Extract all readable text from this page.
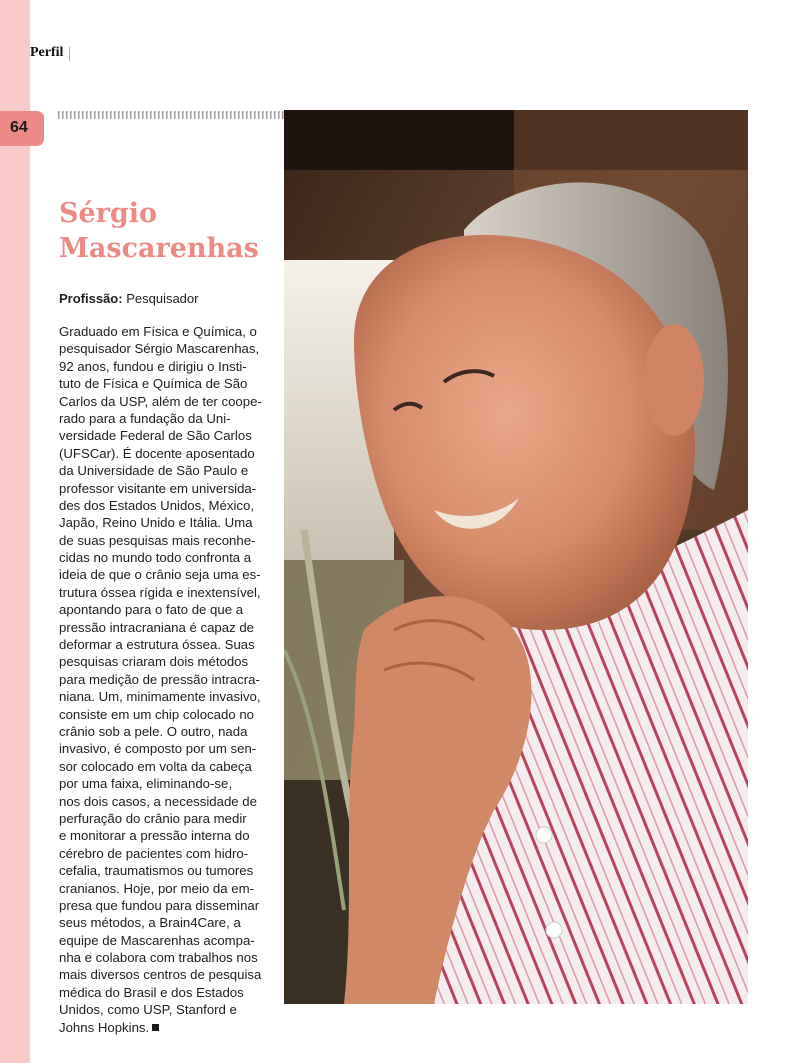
64
Perfil
Sérgio Mascarenhas
Profissão: Pesquisador
Graduado em Física e Química, o
pesquisador Sérgio Mascarenhas,
92 anos, fundou e dirigiu o Insti-
tuto de Física e Química de São
Carlos da USP, além de ter coope-
rado para a fundação da Uni-
versidade Federal de São Carlos
(UFSCar). É docente aposentado
da Universidade de São Paulo e
professor visitante em universida-
des dos Estados Unidos, México,
Japão, Reino Unido e Itália. Uma
de suas pesquisas mais reconhe-
cidas no mundo todo confronta a
ideia de que o crânio seja uma es-
trutura óssea rígida e inextensível,
apontando para o fato de que a
pressão intracraniana é capaz de
deformar a estrutura óssea. Suas
pesquisas criaram dois métodos
para medição de pressão intracra-
niana. Um, minimamente invasivo,
consiste em um chip colocado no
crânio sob a pele. O outro, nada
invasivo, é composto por um sen-
sor colocado em volta da cabeça
por uma faixa, eliminando-se,
nos dois casos, a necessidade de
perfuração do crânio para medir
e monitorar a pressão interna do
cérebro de pacientes com hidro-
cefalia, traumatismos ou tumores
cranianos. Hoje, por meio da em-
presa que fundou para disseminar
seus métodos, a Brain4Care, a
equipe de Mascarenhas acompa-
nha e colabora com trabalhos nos
mais diversos centros de pesquisa
médica do Brasil e dos Estados
Unidos, como USP, Stanford e
Johns Hopkins.
